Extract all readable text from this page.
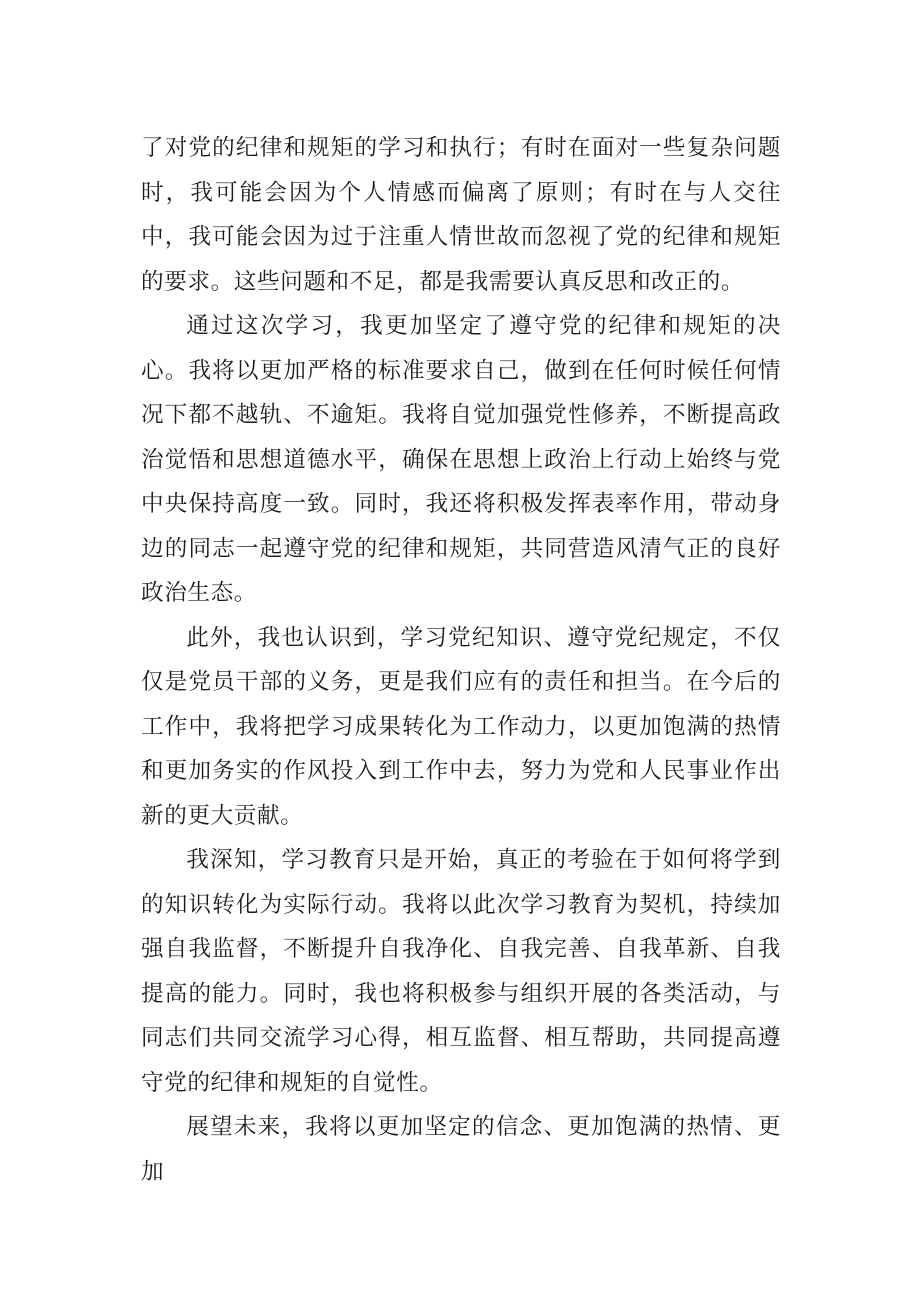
了对党的纪律和规矩的学习和执行；有时在面对一些复杂问题时，我可能会因为个人情感而偏离了原则；有时在与人交往中，我可能会因为过于注重人情世故而忽视了党的纪律和规矩的要求。这些问题和不足，都是我需要认真反思和改正的。

通过这次学习，我更加坚定了遵守党的纪律和规矩的决心。我将以更加严格的标准要求自己，做到在任何时候任何情况下都不越轨、不逾矩。我将自觉加强党性修养，不断提高政治觉悟和思想道德水平，确保在思想上政治上行动上始终与党中央保持高度一致。同时，我还将积极发挥表率作用，带动身边的同志一起遵守党的纪律和规矩，共同营造风清气正的良好政治生态。

此外，我也认识到，学习党纪知识、遵守党纪规定，不仅仅是党员干部的义务，更是我们应有的责任和担当。在今后的工作中，我将把学习成果转化为工作动力，以更加饱满的热情和更加务实的作风投入到工作中去，努力为党和人民事业作出新的更大贡献。

我深知，学习教育只是开始，真正的考验在于如何将学到的知识转化为实际行动。我将以此次学习教育为契机，持续加强自我监督，不断提升自我净化、自我完善、自我革新、自我提高的能力。同时，我也将积极参与组织开展的各类活动，与同志们共同交流学习心得，相互监督、相互帮助，共同提高遵守党的纪律和规矩的自觉性。

展望未来，我将以更加坚定的信念、更加饱满的热情、更加
